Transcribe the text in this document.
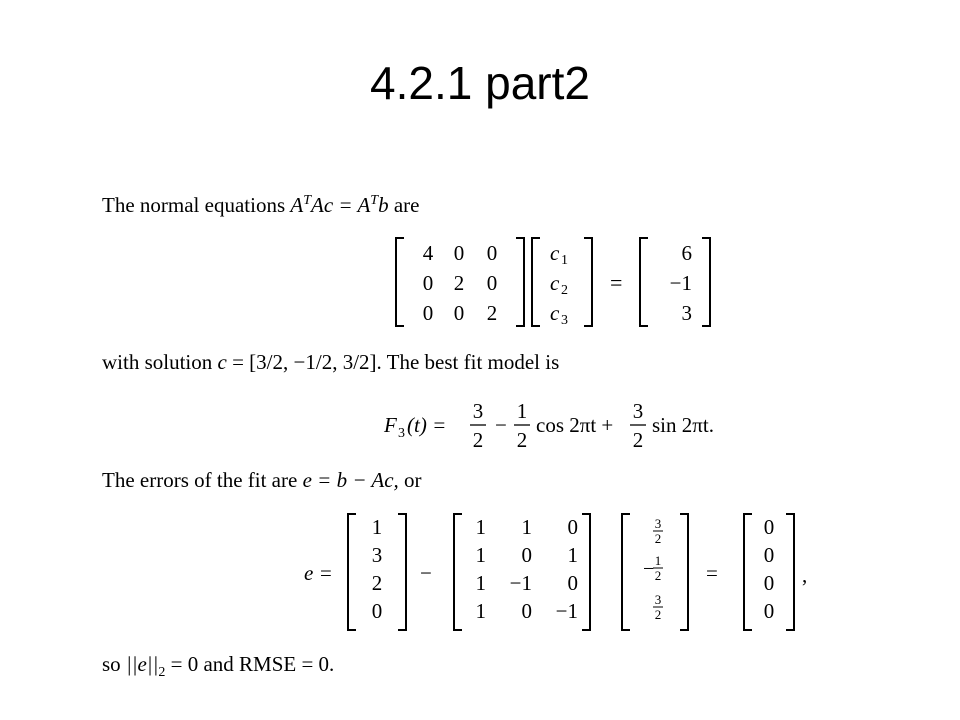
4.2.1 part2
The normal equations $A^TAc = A^Tb$ are
4 0 0
0 2 0
0 0 2
c
c
c
1
2
3
=
6
−1
3
with solution c = [3/2, −1/2, 3/2]. The best fit model is
F 3 (t) =
3
2
−
1
2
cos 2πt +
3
2
sin 2πt.
The errors of the fit are e = b − Ac, or
e =
1
3
2
0
−
1 1 0
1 0 1
1 −1 0
1 0 −1
3
2
− 1
2
3
2
=
0
0
0
0
,
so $||e||_2 = 0$ and RMSE = 0.
